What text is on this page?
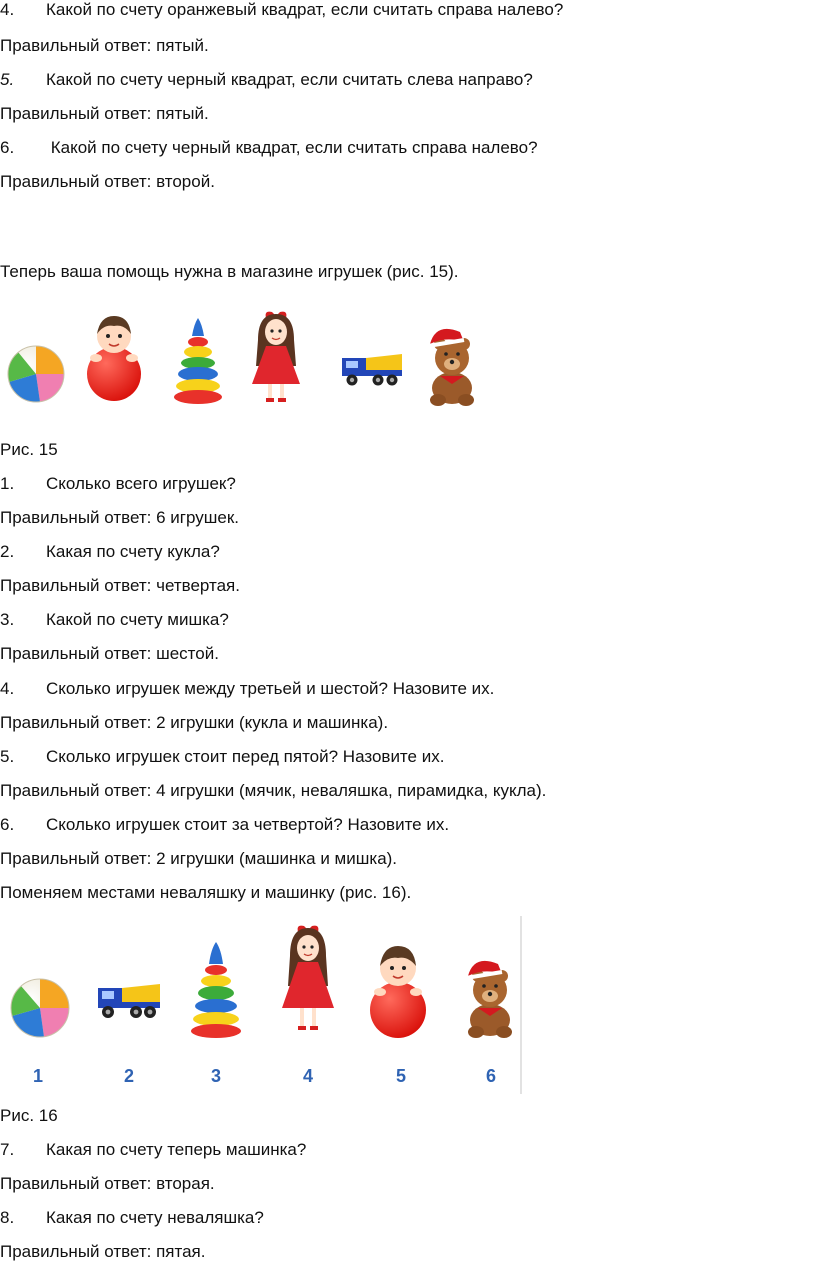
4. Какой по счету оранжевый квадрат, если считать справа налево?
Правильный ответ: пятый.
5. Какой по счету черный квадрат, если считать слева направо?
Правильный ответ: пятый.
6. Какой по счету черный квадрат, если считать справа налево?
Правильный ответ: второй.
Теперь ваша помощь нужна в магазине игрушек (рис. 15).
Рис. 15
1. Сколько всего игрушек?
Правильный ответ: 6 игрушек.
2. Какая по счету кукла?
Правильный ответ: четвертая.
3. Какой по счету мишка?
Правильный ответ: шестой.
4. Сколько игрушек между третьей и шестой? Назовите их.
Правильный ответ: 2 игрушки (кукла и машинка).
5. Сколько игрушек стоит перед пятой? Назовите их.
Правильный ответ: 4 игрушки (мячик, неваляшка, пирамидка, кукла).
6. Сколько игрушек стоит за четвертой? Назовите их.
Правильный ответ: 2 игрушки (машинка и мишка).
Поменяем местами неваляшку и машинку (рис. 16).
1	2	3	4	5	6
Рис. 16
7. Какая по счету теперь машинка?
Правильный ответ: вторая.
8. Какая по счету неваляшка?
Правильный ответ: пятая.
